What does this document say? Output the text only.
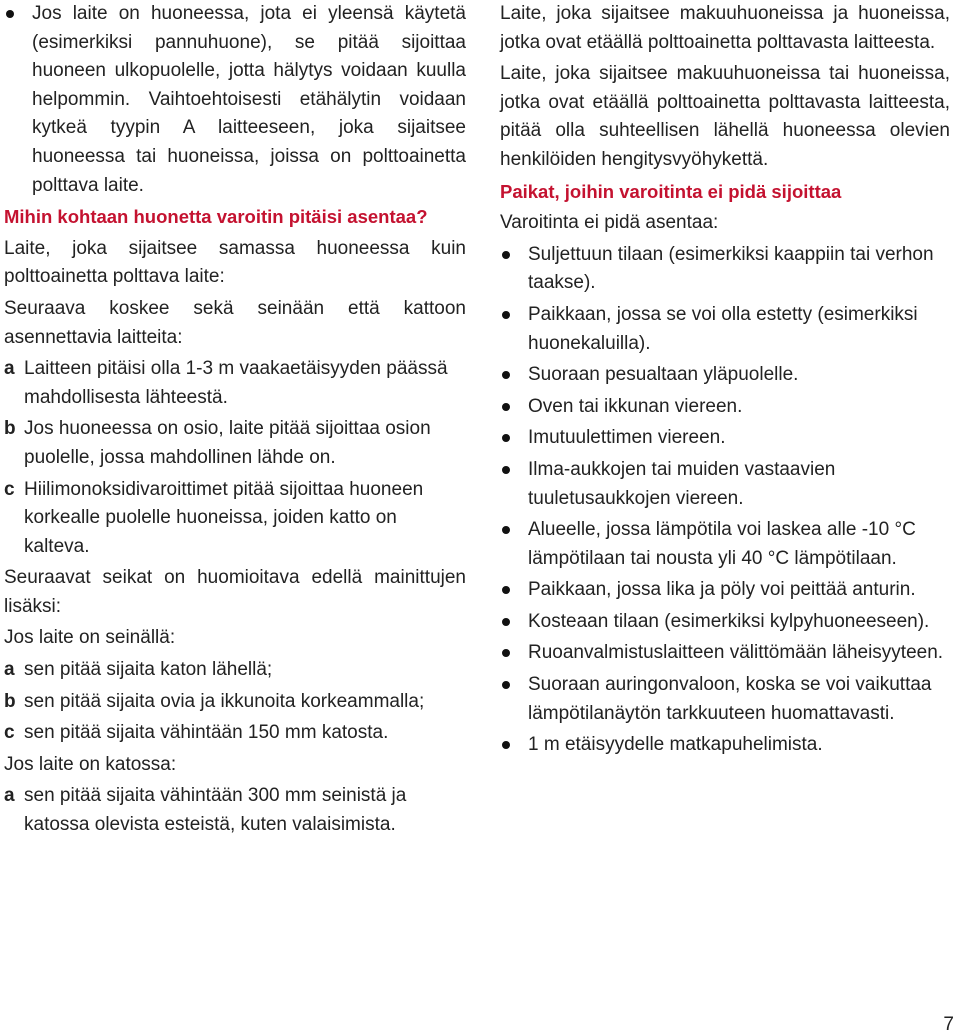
Jos laite on huoneessa, jota ei yleensä käytetä (esimerkiksi pannuhuone), se pitää sijoittaa huoneen ulkopuolelle, jotta hälytys voidaan kuulla helpommin. Vaihtoehtoisesti etähälytin voidaan kytkeä tyypin A laitteeseen, joka sijaitsee huoneessa tai huoneissa, joissa on polttoainetta polttava laite.

Mihin kohtaan huonetta varoitin pitäisi asentaa?

Laite, joka sijaitsee samassa huoneessa kuin polttoainetta polttava laite:

Seuraava koskee sekä seinään että kattoon asennettavia laitteita:

a Laitteen pitäisi olla 1-3 m vaakaetäisyyden päässä mahdollisesta lähteestä.

b Jos huoneessa on osio, laite pitää sijoittaa osion puolelle, jossa mahdollinen lähde on.

c Hiilimonoksidivaroittimet pitää sijoittaa huoneen korkealle puolelle huoneissa, joiden katto on kalteva.

Seuraavat seikat on huomioitava edellä mainittujen lisäksi:

Jos laite on seinällä:

a sen pitää sijaita katon lähellä;

b sen pitää sijaita ovia ja ikkunoita korkeammalla;

c sen pitää sijaita vähintään 150 mm katosta.

Jos laite on katossa:

a sen pitää sijaita vähintään 300 mm seinistä ja katossa olevista esteistä, kuten valaisimista.

Laite, joka sijaitsee makuuhuoneissa ja huoneissa, jotka ovat etäällä polttoainetta polttavasta laitteesta.

Laite, joka sijaitsee makuuhuoneissa tai huoneissa, jotka ovat etäällä polttoainetta polttavasta laitteesta, pitää olla suhteellisen lähellä huoneessa olevien henkilöiden hengitysvyöhykettä.

Paikat, joihin varoitinta ei pidä sijoittaa

Varoitinta ei pidä asentaa:

Suljettuun tilaan (esimerkiksi kaappiin tai verhon taakse).
Paikkaan, jossa se voi olla estetty (esimerkiksi huonekaluilla).
Suoraan pesualtaan yläpuolelle.
Oven tai ikkunan viereen.
Imutuulettimen viereen.
Ilma-aukkojen tai muiden vastaavien tuuletusaukkojen viereen.
Alueelle, jossa lämpötila voi laskea alle -10 °C lämpötilaan tai nousta yli 40 °C lämpötilaan.
Paikkaan, jossa lika ja pöly voi peittää anturin.
Kosteaan tilaan (esimerkiksi kylpyhuoneeseen).
Ruoanvalmistuslaitteen välittömään läheisyyteen.
Suoraan auringonvaloon, koska se voi vaikuttaa lämpötilanäytön tarkkuuteen huomattavasti.
1 m etäisyydelle matkapuhelimista.
7
